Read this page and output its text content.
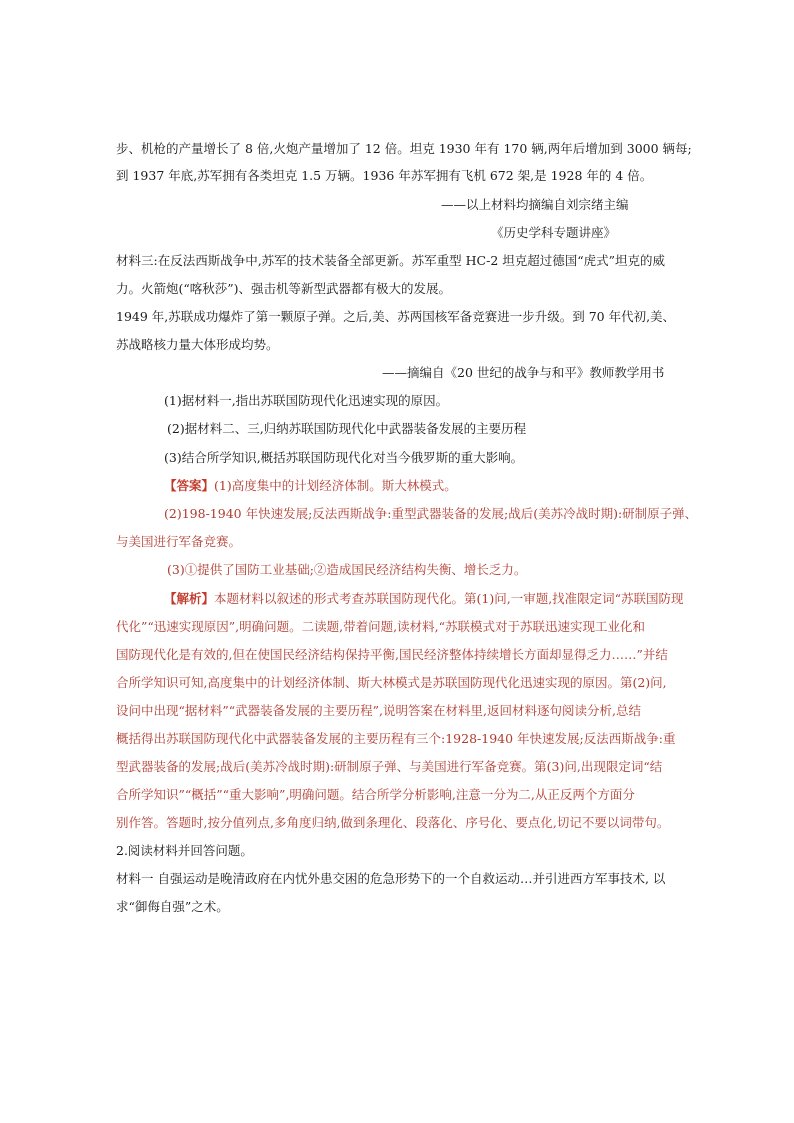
步、机枪的产量增长了 8 倍,火炮产量增加了 12 倍。坦克 1930 年有 170 辆,两年后增加到 3000 辆每;
到 1937 年底,苏军拥有各类坦克 1.5 万辆。1936 年苏军拥有飞机 672 架,是 1928 年的 4 倍。
——以上材料均摘编自刘宗绪主编
《历史学科专题讲座》
材料三:在反法西斯战争中,苏军的技术装备全部更新。苏军重型 HC-2 坦克超过德国“虎式”坦克的威
力。火箭炮(“喀秋莎”)、强击机等新型武器都有极大的发展。
1949 年,苏联成功爆炸了第一颗原子弹。之后,美、苏两国核军备竞赛进一步升级。到 70 年代初,美、
苏战略核力量大体形成均势。
——摘编自《20 世纪的战争与和平》教师教学用书
(1)据材料一,指出苏联国防现代化迅速实现的原因。
(2)据材料二、三,归纳苏联国防现代化中武器装备发展的主要历程
(3)结合所学知识,概括苏联国防现代化对当今俄罗斯的重大影响。
【答案】(1)高度集中的计划经济体制。斯大林模式。
(2)198-1940 年快速发展;反法西斯战争:重型武器装备的发展;战后(美苏冷战时期):研制原子弹、
与美国进行军备竞赛。
(3)①提供了国防工业基础;②造成国民经济结构失衡、增长乏力。
【解析】本题材料以叙述的形式考查苏联国防现代化。第(1)问,一审题,找准限定词“苏联国防现
代化”“迅速实现原因”,明确问题。二读题,带着问题,读材料,“苏联模式对于苏联迅速实现工业化和
国防现代化是有效的,但在使国民经济结构保持平衡,国民经济整体持续增长方面却显得乏力……”并结
合所学知识可知,高度集中的计划经济体制、斯大林模式是苏联国防现代化迅速实现的原因。第(2)问,
设问中出现“据材料”“武器装备发展的主要历程”,说明答案在材料里,返回材料逐句阅读分析,总结
概括得出苏联国防现代化中武器装备发展的主要历程有三个:1928-1940 年快速发展;反法西斯战争:重
型武器装备的发展;战后(美苏冷战时期):研制原子弹、与美国进行军备竞赛。第(3)问,出现限定词“结
合所学知识”“概括”“重大影响”,明确问题。结合所学分析影响,注意一分为二,从正反两个方面分
别作答。答题时,按分值列点,多角度归纳,做到条理化、段落化、序号化、要点化,切记不要以词带句。
2.阅读材料并回答问题。
材料一 自强运动是晚清政府在内忧外患交困的危急形势下的一个自救运动…并引进西方军事技术, 以
求“御侮自强”之术。
